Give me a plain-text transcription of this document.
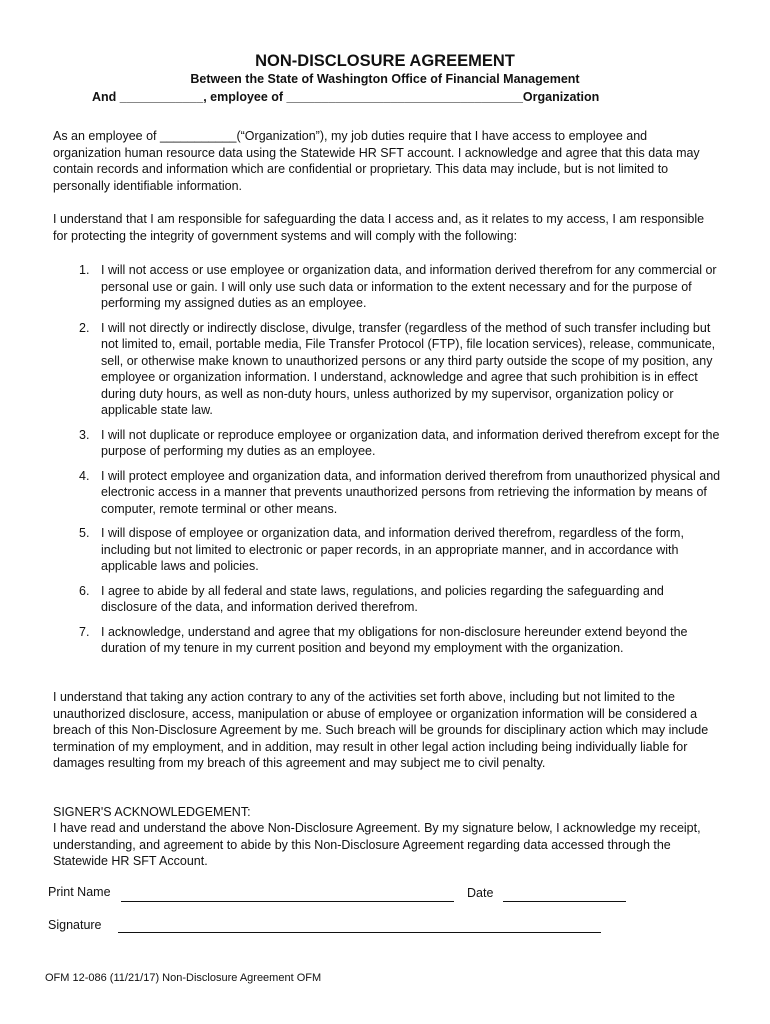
NON-DISCLOSURE AGREEMENT
Between the State of Washington Office of Financial Management
And ____________, employee of __________________________________Organization
As an employee of ___________(“Organization”), my job duties require that I have access to employee and organization human resource data using the Statewide HR SFT account. I acknowledge and agree that this data may contain records and information which are confidential or proprietary. This data may include, but is not limited to personally identifiable information.
I understand that I am responsible for safeguarding the data I access and, as it relates to my access, I am responsible for protecting the integrity of government systems and will comply with the following:
1. I will not access or use employee or organization data, and information derived therefrom for any commercial or personal use or gain. I will only use such data or information to the extent necessary and for the purpose of performing my assigned duties as an employee.
2. I will not directly or indirectly disclose, divulge, transfer (regardless of the method of such transfer including but not limited to, email, portable media, File Transfer Protocol (FTP), file location services), release, communicate, sell, or otherwise make known to unauthorized persons or any third party outside the scope of my position, any employee or organization information. I understand, acknowledge and agree that such prohibition is in effect during duty hours, as well as non-duty hours, unless authorized by my supervisor, organization policy or applicable state law.
3. I will not duplicate or reproduce employee or organization data, and information derived therefrom except for the purpose of performing my duties as an employee.
4. I will protect employee and organization data, and information derived therefrom from unauthorized physical and electronic access in a manner that prevents unauthorized persons from retrieving the information by means of computer, remote terminal or other means.
5. I will dispose of employee or organization data, and information derived therefrom, regardless of the form, including but not limited to electronic or paper records, in an appropriate manner, and in accordance with applicable laws and policies.
6. I agree to abide by all federal and state laws, regulations, and policies regarding the safeguarding and disclosure of the data, and information derived therefrom.
7. I acknowledge, understand and agree that my obligations for non-disclosure hereunder extend beyond the duration of my tenure in my current position and beyond my employment with the organization.
I understand that taking any action contrary to any of the activities set forth above, including but not limited to the unauthorized disclosure, access, manipulation or abuse of employee or organization information will be considered a breach of this Non-Disclosure Agreement by me. Such breach will be grounds for disciplinary action which may include termination of my employment, and in addition, may result in other legal action including being individually liable for damages resulting from my breach of this agreement and may subject me to civil penalty.
SIGNER'S ACKNOWLEDGEMENT:
I have read and understand the above Non-Disclosure Agreement. By my signature below, I acknowledge my receipt, understanding, and agreement to abide by this Non-Disclosure Agreement regarding data accessed through the Statewide HR SFT Account.
Print Name	Date
Signature
OFM 12-086 (11/21/17) Non-Disclosure Agreement OFM
